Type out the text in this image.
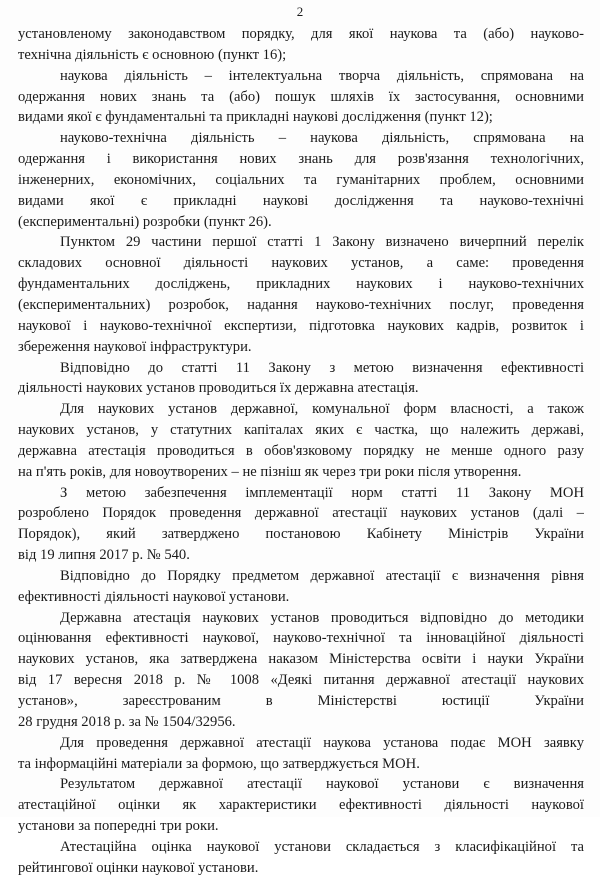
2
установленому законодавством порядку, для якої наукова та (або) науково-
технічна діяльність є основною (пункт 16);
наукова діяльність – інтелектуальна творча діяльність, спрямована на
одержання нових знань та (або) пошук шляхів їх застосування, основними
видами якої є фундаментальні та прикладні наукові дослідження (пункт 12);
науково-технічна діяльність – наукова діяльність, спрямована на
одержання і використання нових знань для розв'язання технологічних,
інженерних, економічних, соціальних та гуманітарних проблем, основними
видами якої є прикладні наукові дослідження та науково-технічні
(експериментальні) розробки (пункт 26).
Пунктом 29 частини першої статті 1 Закону визначено вичерпний перелік
складових основної діяльності наукових установ, а саме: проведення
фундаментальних досліджень, прикладних наукових і науково-технічних
(експериментальних) розробок, надання науково-технічних послуг, проведення
наукової і науково-технічної експертизи, підготовка наукових кадрів, розвиток і
збереження наукової інфраструктури.
Відповідно до статті 11 Закону з метою визначення ефективності
діяльності наукових установ проводиться їх державна атестація.
Для наукових установ державної, комунальної форм власності, а також
наукових установ, у статутних капіталах яких є частка, що належить державі,
державна атестація проводиться в обов'язковому порядку не менше одного разу
на п'ять років, для новоутворених – не пізніш як через три роки після утворення.
З метою забезпечення імплементації норм статті 11 Закону МОН
розроблено Порядок проведення державної атестації наукових установ (далі –
Порядок), який затверджено постановою Кабінету Міністрів України
від 19 липня 2017 р. № 540.
Відповідно до Порядку предметом державної атестації є визначення рівня
ефективності діяльності наукової установи.
Державна атестація наукових установ проводиться відповідно до методики
оцінювання ефективності наукової, науково-технічної та інноваційної діяльності
наукових установ, яка затверджена наказом Міністерства освіти і науки України
від 17 вересня 2018 р. № 1008 «Деякі питання державної атестації наукових
установ», зареєстрованим в Міністерстві юстиції України
28 грудня 2018 р. за № 1504/32956.
Для проведення державної атестації наукова установа подає МОН заявку
та інформаційні матеріали за формою, що затверджується МОН.
Результатом державної атестації наукової установи є визначення
атестаційної оцінки як характеристики ефективності діяльності наукової
установи за попередні три роки.
Атестаційна оцінка наукової установи складається з класифікаційної та
рейтингової оцінки наукової установи.
